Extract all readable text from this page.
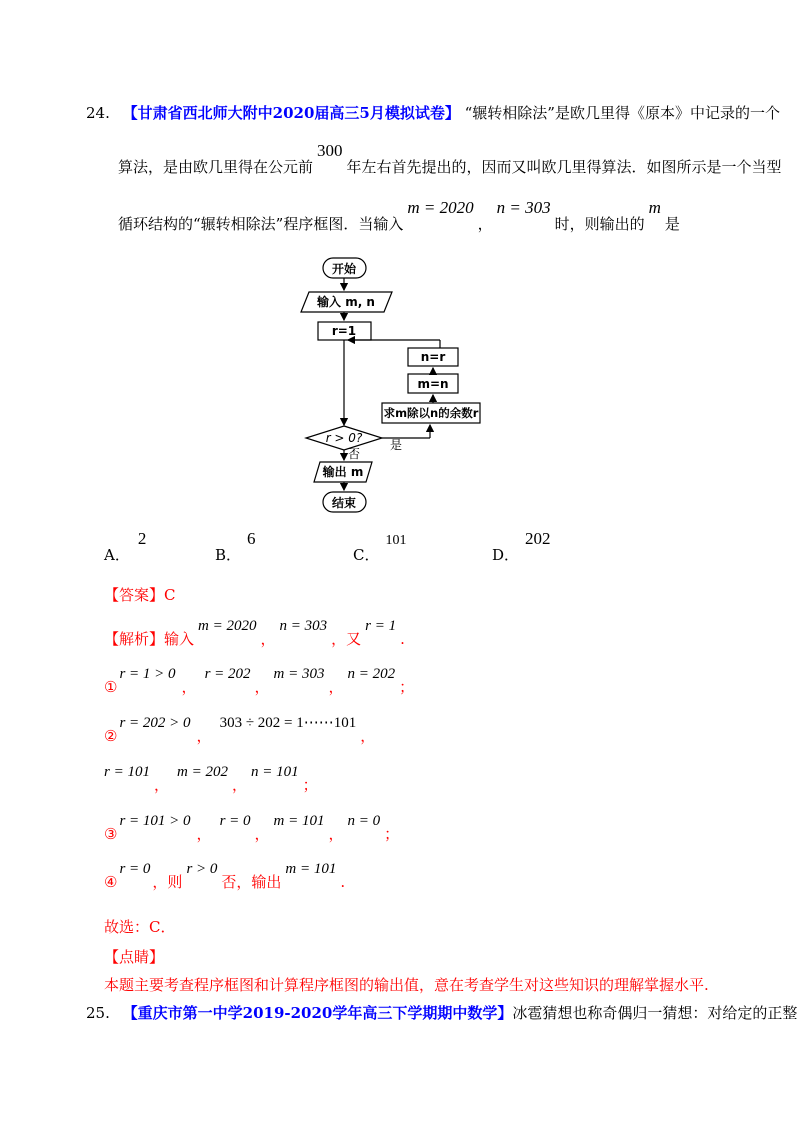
24. 【甘肃省西北师大附中2020届高三5月模拟试卷】 “辗转相除法”是欧几里得《原本》中记录的一个
算法，是由欧几里得在公元前300年左右首先提出的，因而又叫欧几里得算法．如图所示是一个当型
循环结构的“辗转相除法”程序框图．当输入m = 2020，n = 303时，则输出的m是
开始
输入 m, n
r=1
n=r
m=n
求m除以n的余数r
r > 0? 是
否
输出 m
结束
A．2
B．6
C．101
D．202
【答案】C
【解析】输入m = 2020，n = 303，又r = 1.
①r = 1 > 0，r = 202，m = 303，n = 202；
②r = 202 > 0，303 ÷ 202 = 1⋯⋯101，
r = 101，m = 202，n = 101；
③r = 101 > 0，r = 0，m = 101，n = 0；
④r = 0，则r > 0否，输出m = 101.
故选：C．
【点睛】
本题主要考查程序框图和计算程序框图的输出值，意在考查学生对这些知识的理解掌握水平.
25. 【重庆市第一中学2019-2020学年高三下学期期中数学】冰雹猜想也称奇偶归一猜想：对给定的正整
